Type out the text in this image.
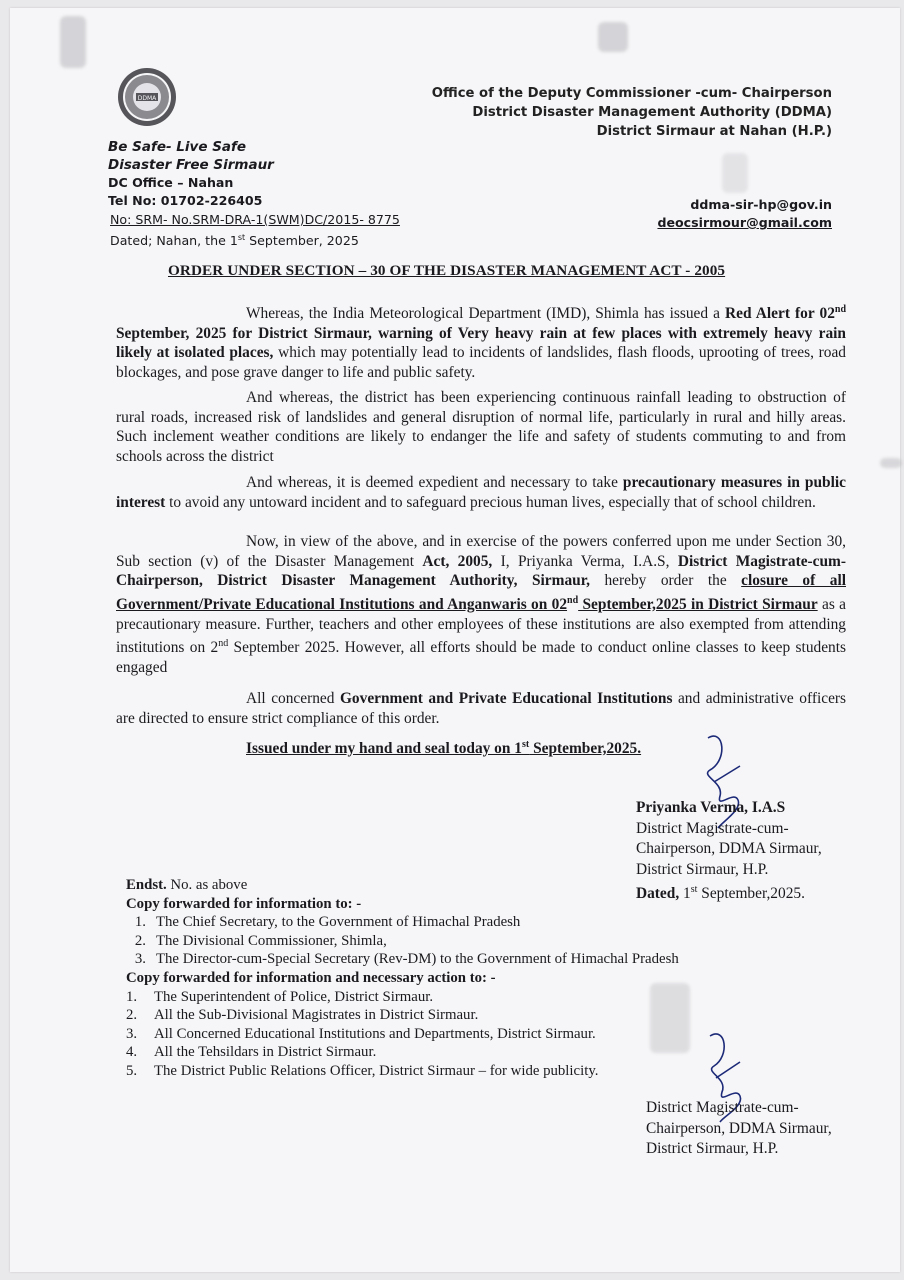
DDMA	Office of the Deputy Commissioner -cum- Chairperson
District Disaster Management Authority (DDMA)
District Sirmaur at Nahan (H.P.)
Be Safe- Live Safe
Disaster Free Sirmaur
DC Office – Nahan
Tel No: 01702-226405	ddma-sir-hp@gov.in
deocsirmour@gmail.com
No: SRM- No.SRM-DRA-1(SWM)DC/2015- 8775
Dated; Nahan, the 1st September, 2025
ORDER UNDER SECTION – 30 OF THE DISASTER MANAGEMENT ACT - 2005
Whereas, the India Meteorological Department (IMD), Shimla has issued a Red Alert for 02nd September, 2025 for District Sirmaur, warning of Very heavy rain at few places with extremely heavy rain likely at isolated places, which may potentially lead to incidents of landslides, flash floods, uprooting of trees, road blockages, and pose grave danger to life and public safety.
And whereas, the district has been experiencing continuous rainfall leading to obstruction of rural roads, increased risk of landslides and general disruption of normal life, particularly in rural and hilly areas. Such inclement weather conditions are likely to endanger the life and safety of students commuting to and from schools across the district
And whereas, it is deemed expedient and necessary to take precautionary measures in public interest to avoid any untoward incident and to safeguard precious human lives, especially that of school children.
Now, in view of the above, and in exercise of the powers conferred upon me under Section 30, Sub section (v) of the Disaster Management Act, 2005, I, Priyanka Verma, I.A.S, District Magistrate-cum-Chairperson, District Disaster Management Authority, Sirmaur, hereby order the closure of all Government/Private Educational Institutions and Anganwaris on 02nd September,2025 in District Sirmaur as a precautionary measure. Further, teachers and other employees of these institutions are also exempted from attending institutions on 2nd September 2025. However, all efforts should be made to conduct online classes to keep students engaged
All concerned Government and Private Educational Institutions and administrative officers are directed to ensure strict compliance of this order.
Issued under my hand and seal today on 1st September,2025.
Priyanka Verma, I.A.S
District Magistrate-cum-
Chairperson, DDMA Sirmaur,
District Sirmaur, H.P.
Dated, 1st September,2025.
Endst. No. as above
Copy forwarded for information to: -
1. The Chief Secretary, to the Government of Himachal Pradesh
2. The Divisional Commissioner, Shimla,
3. The Director-cum-Special Secretary (Rev-DM) to the Government of Himachal Pradesh
Copy forwarded for information and necessary action to: -
1.	The Superintendent of Police, District Sirmaur.
2.	All the Sub-Divisional Magistrates in District Sirmaur.
3.	All Concerned Educational Institutions and Departments, District Sirmaur.
4.	All the Tehsildars in District Sirmaur.
5.	The District Public Relations Officer, District Sirmaur – for wide publicity.
District Magistrate-cum-
Chairperson, DDMA Sirmaur,
District Sirmaur, H.P.
